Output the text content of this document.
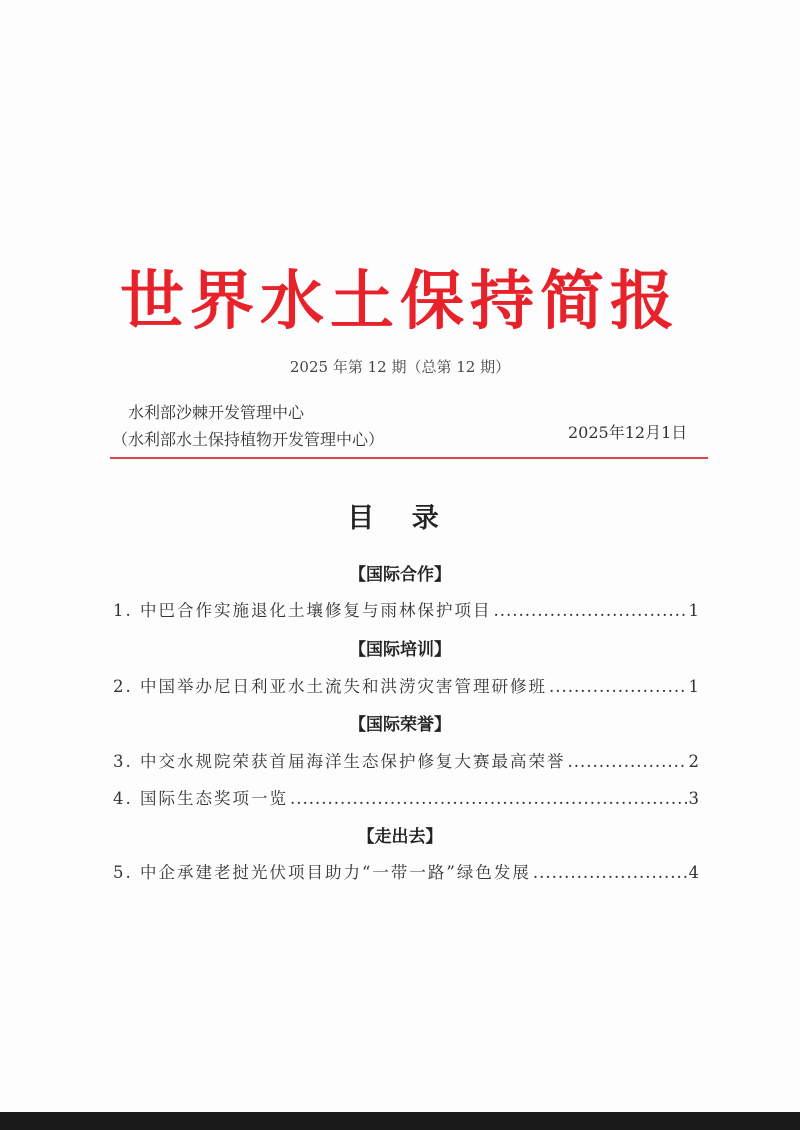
世界水土保持简报
2025 年第 12 期（总第 12 期）
水利部沙棘开发管理中心
（水利部水土保持植物开发管理中心）	2025年12月1日
目 录
【国际合作】
1. 中巴合作实施退化土壤修复与雨林保护项目 .....	1
【国际培训】
2. 中国举办尼日利亚水土流失和洪涝灾害管理研修班 .....	1
【国际荣誉】
3. 中交水规院荣获首届海洋生态保护修复大赛最高荣誉 .....	2
4. 国际生态奖项一览 .....	3
【走出去】
5. 中企承建老挝光伏项目助力“一带一路”绿色发展 .....	4
